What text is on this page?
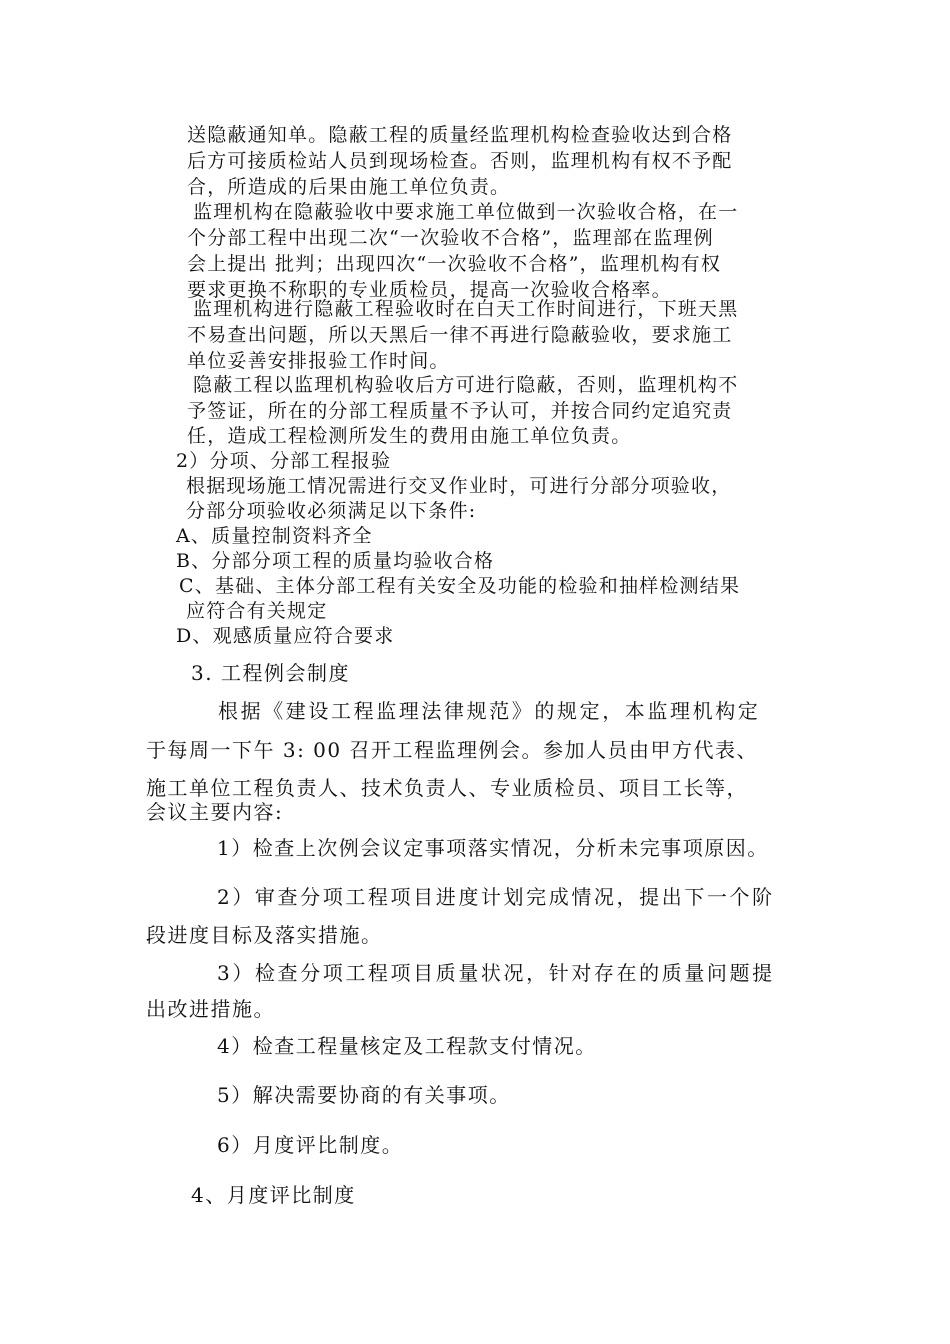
送隐蔽通知单。隐蔽工程的质量经监理机构检查验收达到合格
后方可接质检站人员到现场检查。否则，监理机构有权不予配
合，所造成的后果由施工单位负责。
监理机构在隐蔽验收中要求施工单位做到一次验收合格，在一
个分部工程中出现二次“一次验收不合格”，监理部在监理例
会上提出 批判；出现四次“一次验收不合格”，监理机构有权
要求更换不称职的专业质检员，提高一次验收合格率。
监理机构进行隐蔽工程验收时在白天工作时间进行，下班天黑
不易查出问题，所以天黑后一律不再进行隐蔽验收，要求施工
单位妥善安排报验工作时间。
隐蔽工程以监理机构验收后方可进行隐蔽，否则，监理机构不
予签证，所在的分部工程质量不予认可，并按合同约定追究责
任，造成工程检测所发生的费用由施工单位负责。
2）分项、分部工程报验
根据现场施工情况需进行交叉作业时，可进行分部分项验收，
分部分项验收必须满足以下条件:
A、质量控制资料齐全
B、分部分项工程的质量均验收合格
C、基础、主体分部工程有关安全及功能的检验和抽样检测结果
应符合有关规定
D、观感质量应符合要求
3. 工程例会制度
根据《建设工程监理法律规范》的规定，本监理机构定
于每周一下午 3: 00 召开工程监理例会。参加人员由甲方代表、
施工单位工程负责人、技术负责人、专业质检员、项目工长等，
会议主要内容:
1）检查上次例会议定事项落实情况，分析未完事项原因。
2）审查分项工程项目进度计划完成情况，提出下一个阶
段进度目标及落实措施。
3）检查分项工程项目质量状况，针对存在的质量问题提
出改进措施。
4）检查工程量核定及工程款支付情况。
5）解决需要协商的有关事项。
6）月度评比制度。
4、月度评比制度
